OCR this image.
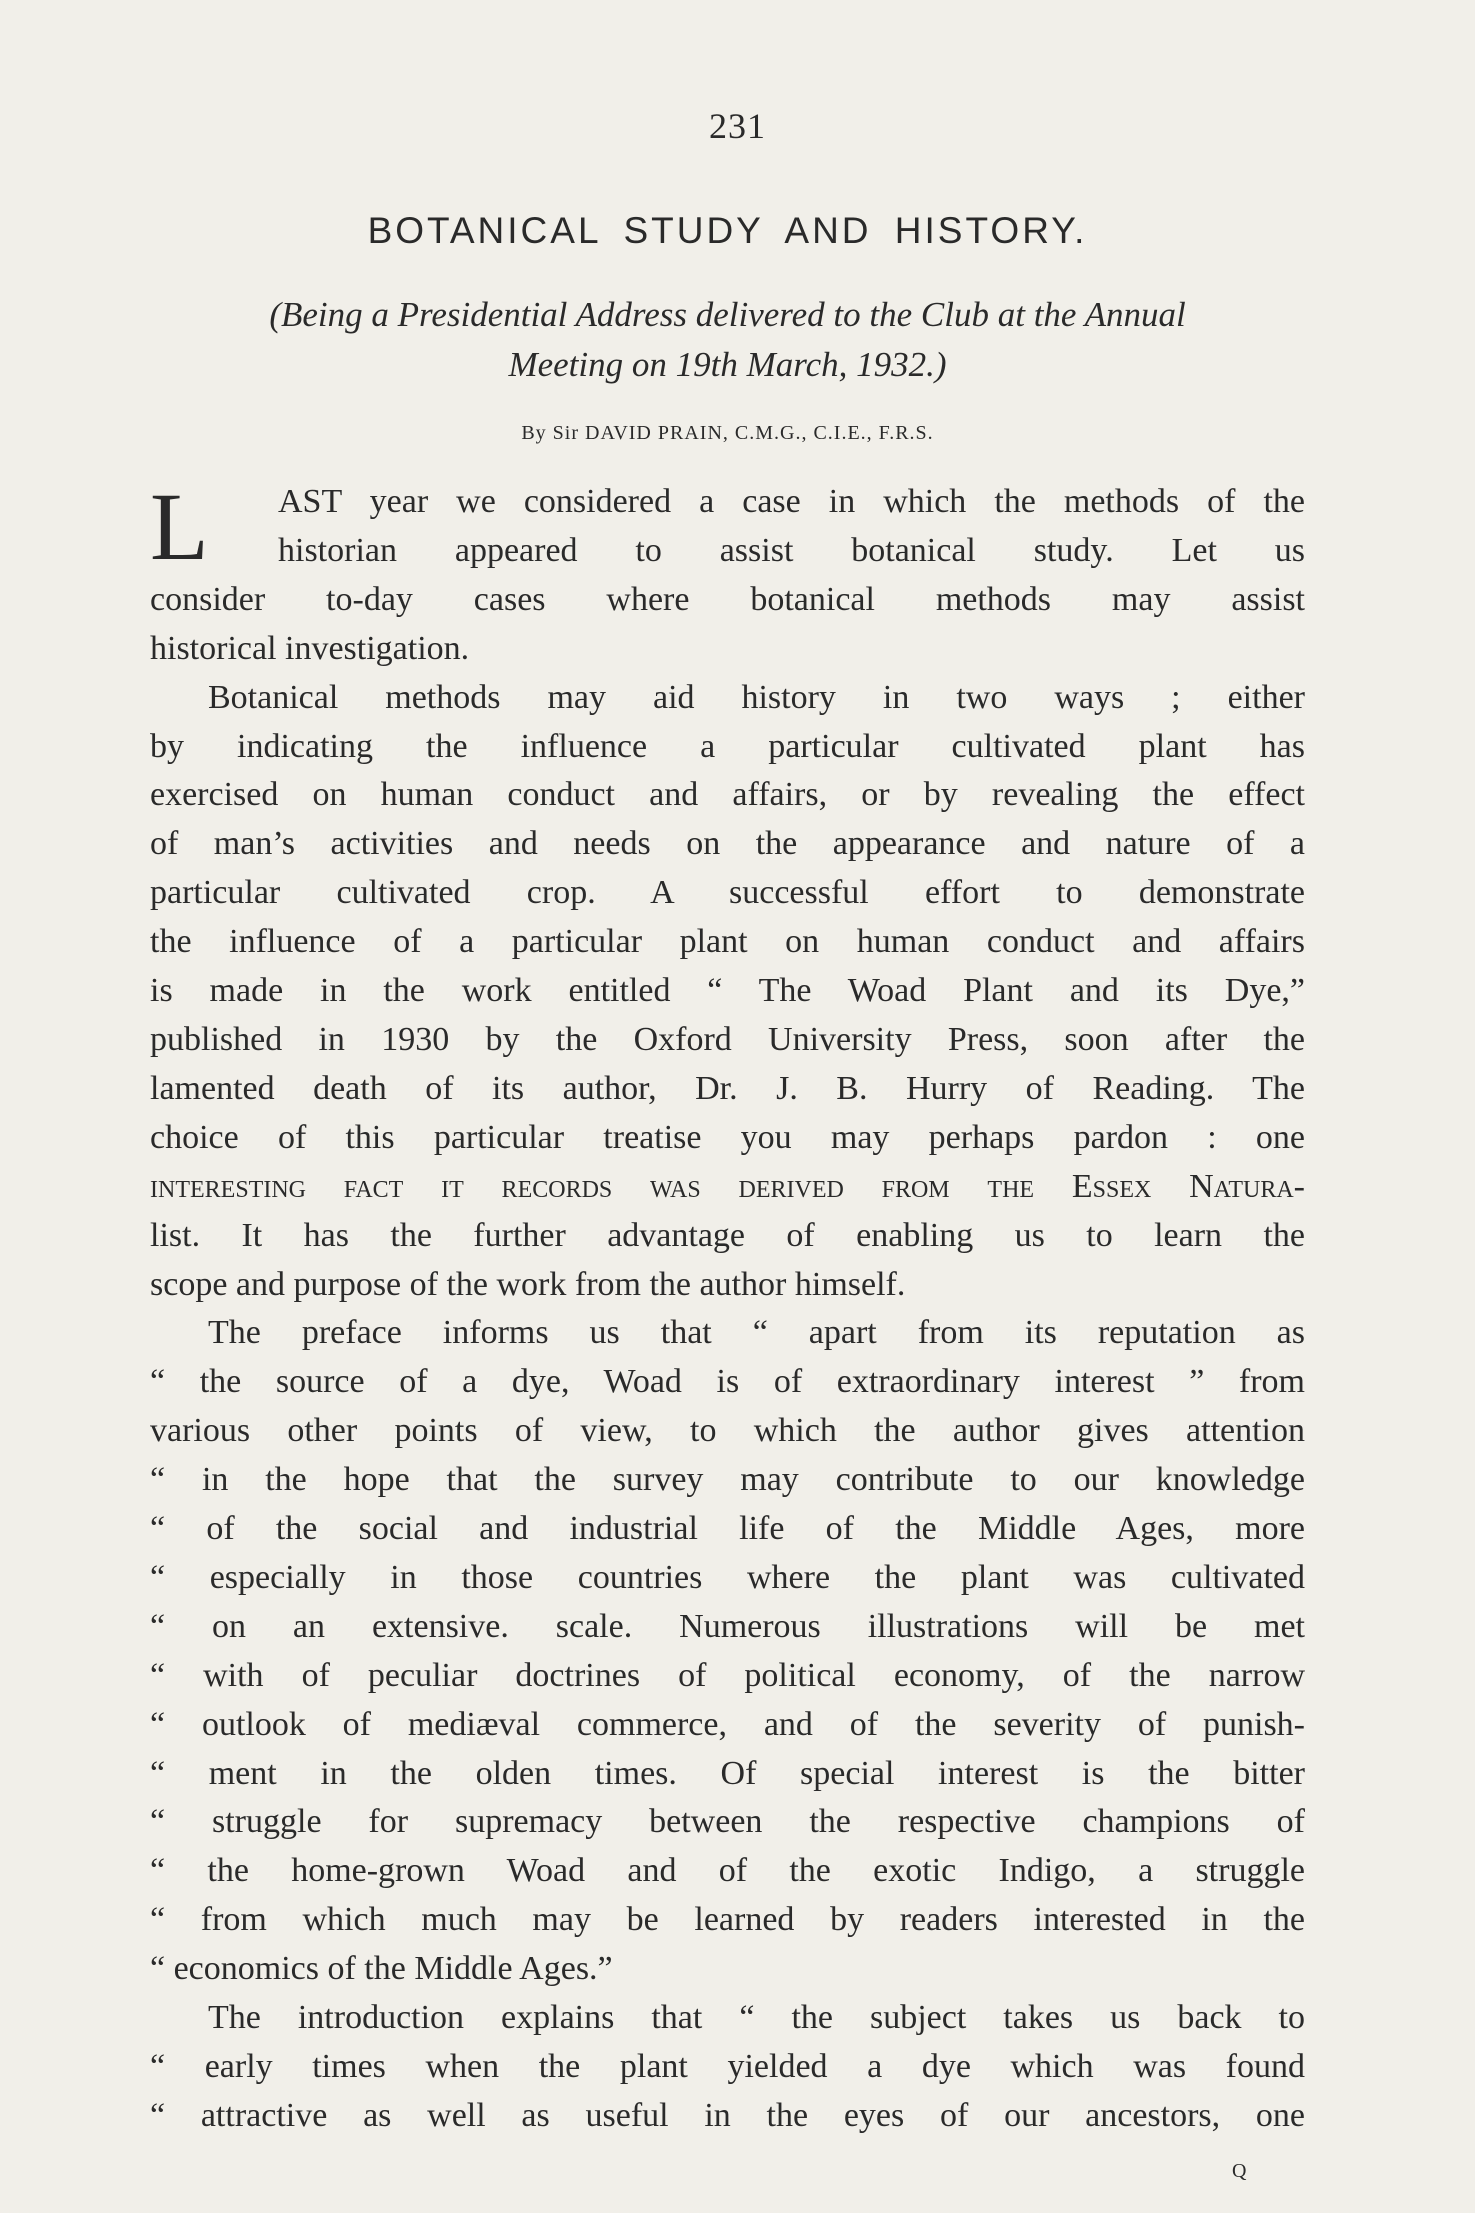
231
BOTANICAL STUDY AND HISTORY.
(Being a Presidential Address delivered to the Club at the Annual
Meeting on 19th March, 1932.)
By Sir DAVID PRAIN, C.M.G., C.I.E., F.R.S.
L	AST year we considered a case in which the methods of the
historian appeared to assist botanical study. Let us
consider to-day cases where botanical methods may assist
historical investigation.
Botanical methods may aid history in two ways ; either
by indicating the influence a particular cultivated plant has
exercised on human conduct and affairs, or by revealing the effect
of man’s activities and needs on the appearance and nature of a
particular cultivated crop. A successful effort to demonstrate
the influence of a particular plant on human conduct and affairs
is made in the work entitled “ The Woad Plant and its Dye,”
published in 1930 by the Oxford University Press, soon after the
lamented death of its author, Dr. J. B. Hurry of Reading. The
choice of this particular treatise you may perhaps pardon : one
interesting fact it records was derived from the Essex Natura-
list. It has the further advantage of enabling us to learn the
scope and purpose of the work from the author himself.
The preface informs us that “ apart from its reputation as
“ the source of a dye, Woad is of extraordinary interest ” from
various other points of view, to which the author gives attention
“ in the hope that the survey may contribute to our knowledge
“ of the social and industrial life of the Middle Ages, more
“ especially in those countries where the plant was cultivated
“ on an extensive. scale. Numerous illustrations will be met
“ with of peculiar doctrines of political economy, of the narrow
“ outlook of mediæval commerce, and of the severity of punish-
“ ment in the olden times. Of special interest is the bitter
“ struggle for supremacy between the respective champions of
“ the home-grown Woad and of the exotic Indigo, a struggle
“ from which much may be learned by readers interested in the
“ economics of the Middle Ages.”
The introduction explains that “ the subject takes us back to
“ early times when the plant yielded a dye which was found
“ attractive as well as useful in the eyes of our ancestors, one
Q
